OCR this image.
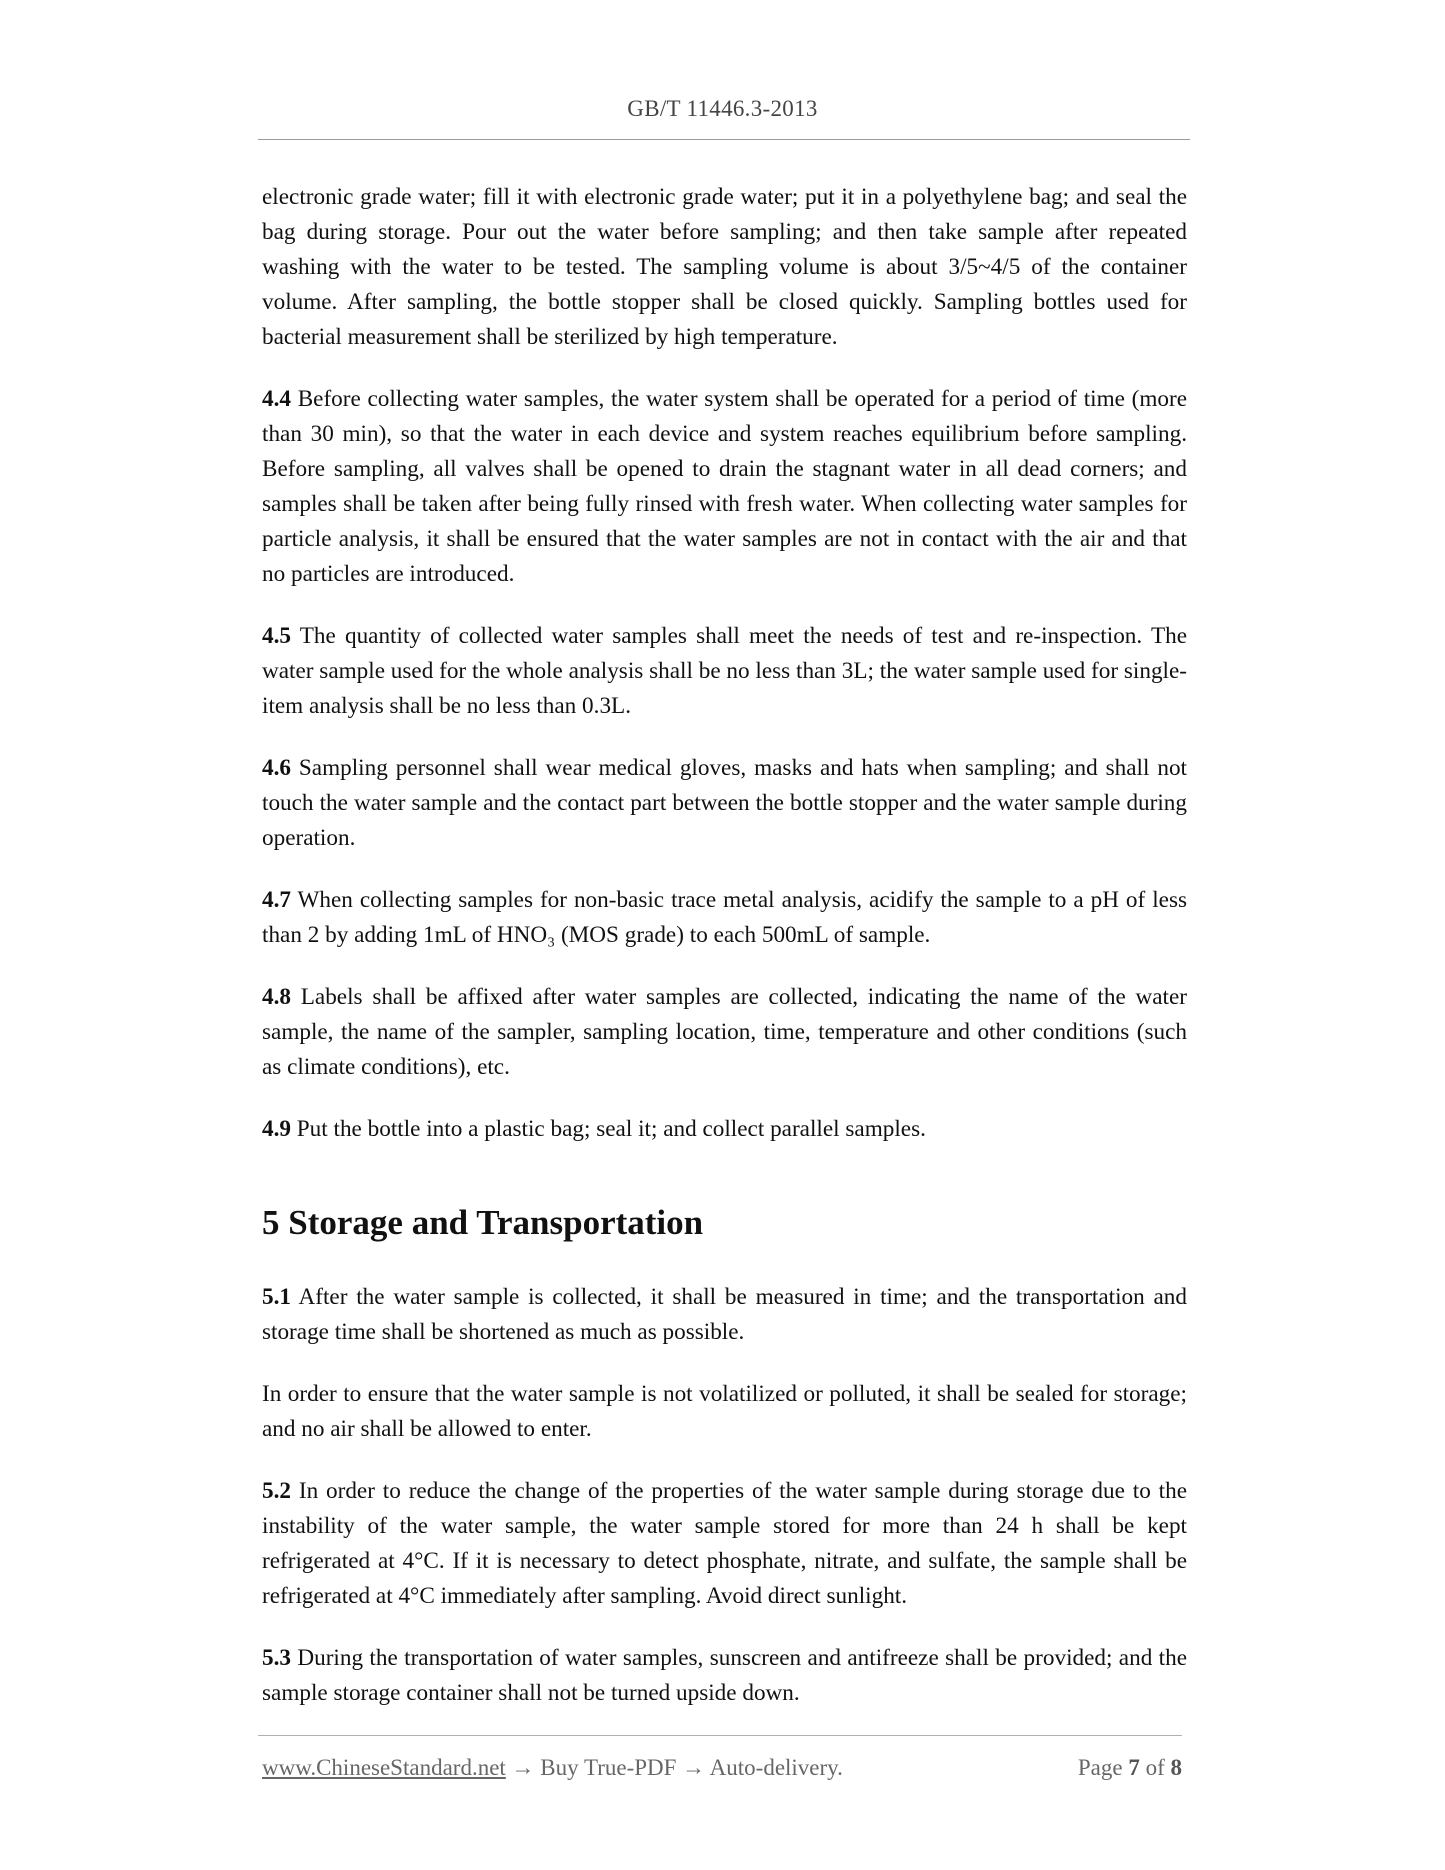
GB/T 11446.3-2013

electronic grade water; fill it with electronic grade water; put it in a polyethylene bag; and seal the bag during storage. Pour out the water before sampling; and then take sample after repeated washing with the water to be tested. The sampling volume is about 3/5~4/5 of the container volume. After sampling, the bottle stopper shall be closed quickly. Sampling bottles used for bacterial measurement shall be sterilized by high temperature.

4.4 Before collecting water samples, the water system shall be operated for a period of time (more than 30 min), so that the water in each device and system reaches equilibrium before sampling. Before sampling, all valves shall be opened to drain the stagnant water in all dead corners; and samples shall be taken after being fully rinsed with fresh water. When collecting water samples for particle analysis, it shall be ensured that the water samples are not in contact with the air and that no particles are introduced.

4.5 The quantity of collected water samples shall meet the needs of test and re-inspection. The water sample used for the whole analysis shall be no less than 3L; the water sample used for single-item analysis shall be no less than 0.3L.

4.6 Sampling personnel shall wear medical gloves, masks and hats when sampling; and shall not touch the water sample and the contact part between the bottle stopper and the water sample during operation.

4.7 When collecting samples for non-basic trace metal analysis, acidify the sample to a pH of less than 2 by adding 1mL of HNO₃ (MOS grade) to each 500mL of sample.

4.8 Labels shall be affixed after water samples are collected, indicating the name of the water sample, the name of the sampler, sampling location, time, temperature and other conditions (such as climate conditions), etc.

4.9 Put the bottle into a plastic bag; seal it; and collect parallel samples.

5 Storage and Transportation

5.1 After the water sample is collected, it shall be measured in time; and the transportation and storage time shall be shortened as much as possible.

In order to ensure that the water sample is not volatilized or polluted, it shall be sealed for storage; and no air shall be allowed to enter.

5.2 In order to reduce the change of the properties of the water sample during storage due to the instability of the water sample, the water sample stored for more than 24 h shall be kept refrigerated at 4°C. If it is necessary to detect phosphate, nitrate, and sulfate, the sample shall be refrigerated at 4°C immediately after sampling. Avoid direct sunlight.

5.3 During the transportation of water samples, sunscreen and antifreeze shall be provided; and the sample storage container shall not be turned upside down.

www.ChineseStandard.net → Buy True-PDF → Auto-delivery.	Page 7 of 8
